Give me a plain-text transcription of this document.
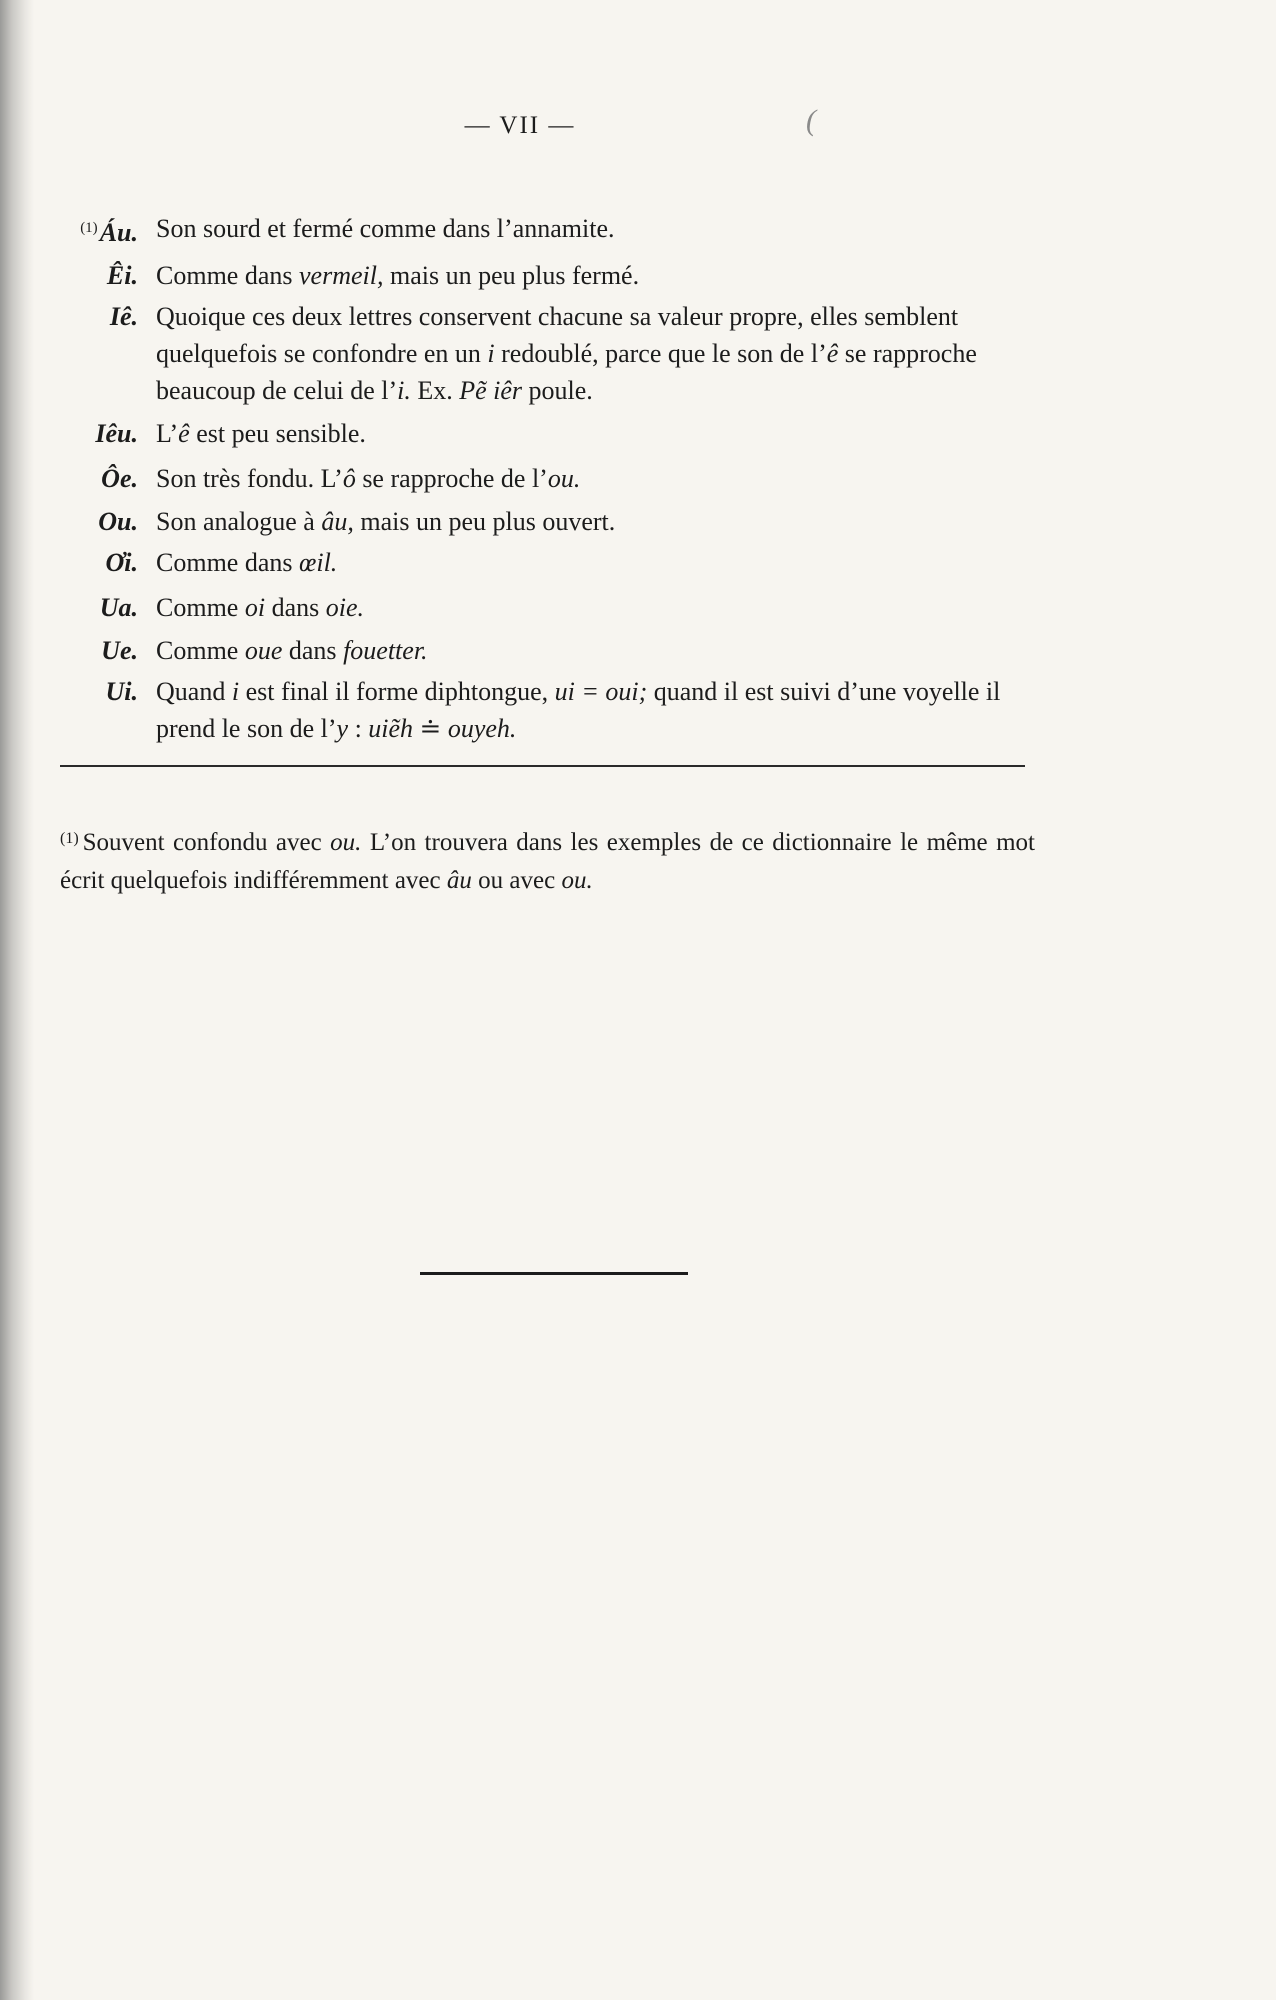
— VII —	(
$^{(1)}$Áu. Son sourd et fermé comme dans l’annamite.
Êi. Comme dans vermeil, mais un peu plus fermé.
Iê. Quoique ces deux lettres conservent chacune sa valeur propre, elles semblent quelquefois se confondre en un i redoublé, parce que le son de l’ê se rapproche beaucoup de celui de l’i. Ex. Pẽ iêr poule.
Iêu. L’ê est peu sensible.
Ôe. Son très fondu. L’ô se rapproche de l’ou.
Ou. Son analogue à âu, mais un peu plus ouvert.
Ơi. Comme dans œil.
Ua. Comme oi dans oie.
Ue. Comme oue dans fouetter.
Ui. Quand i est final il forme diphtongue, ui = oui; quand il est suivi d’une voyelle il prend le son de l’y : uiẽh ≐ ouyeh.
$^{(1)}$ Souvent confondu avec ou. L’on trouvera dans les exemples de ce dictionnaire le même mot écrit quelquefois indifféremment avec âu ou avec ou.
